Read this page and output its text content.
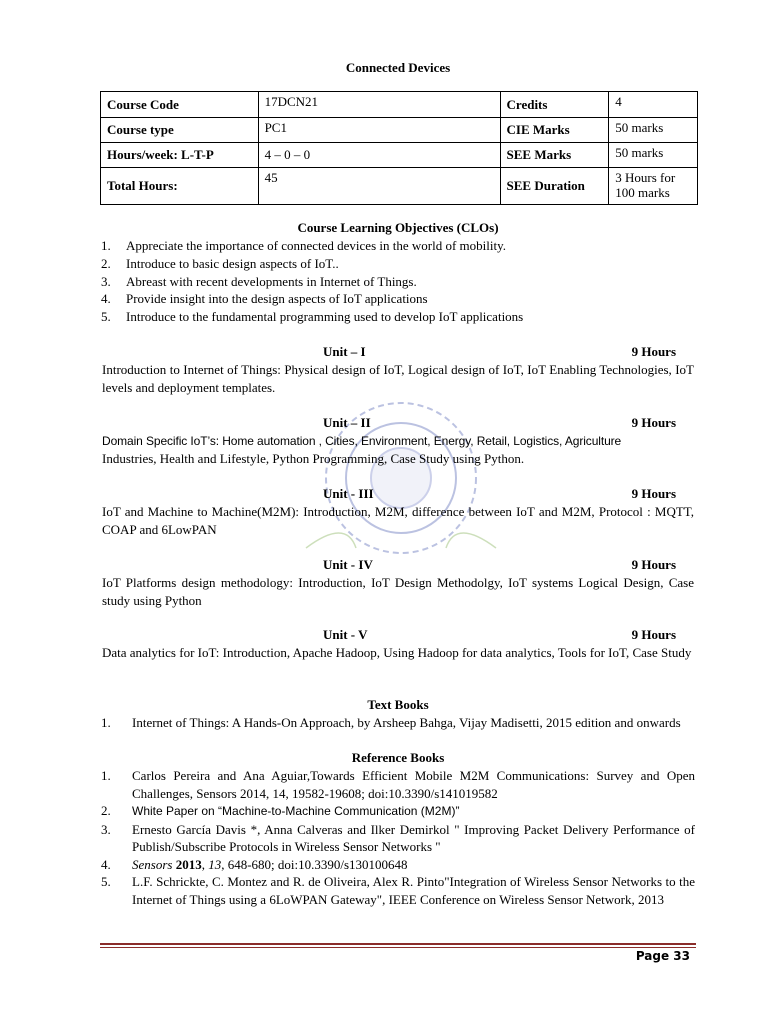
Connected Devices
Course Code	17DCN21	Credits	4
Course type	PC1	CIE Marks	50 marks
Hours/week: L-T-P	4 – 0 – 0	SEE Marks	50 marks
Total Hours:	45	SEE Duration	3 Hours for 100 marks
Course Learning Objectives (CLOs)
1. Appreciate the importance of connected devices in the world of mobility.
2. Introduce to basic design aspects of IoT..
3. Abreast with recent developments in Internet of Things.
4. Provide insight into the design aspects of IoT applications
5. Introduce to the fundamental programming used to develop IoT applications
Unit – I	9 Hours
Introduction to Internet of Things: Physical design of IoT, Logical design of IoT, IoT Enabling Technologies, IoT levels and deployment templates.
Unit – II	9 Hours
Domain Specific IoT’s: Home automation , Cities, Environment, Energy, Retail, Logistics, Agriculture
Industries, Health and Lifestyle, Python Programming, Case Study using Python.
Unit - III	9 Hours
IoT and Machine to Machine(M2M): Introduction, M2M, difference between IoT and M2M, Protocol : MQTT, COAP and 6LowPAN
Unit - IV	9 Hours
IoT Platforms design methodology: Introduction, IoT Design Methodolgy, IoT systems Logical Design, Case study using Python
Unit - V	9 Hours
Data analytics for IoT: Introduction, Apache Hadoop, Using Hadoop for data analytics, Tools for IoT, Case Study
Text Books
1. Internet of Things: A Hands-On Approach, by Arsheep Bahga, Vijay Madisetti, 2015 edition and onwards
Reference Books
1. Carlos Pereira and Ana Aguiar,Towards Efficient Mobile M2M Communications: Survey and Open Challenges, Sensors 2014, 14, 19582-19608; doi:10.3390/s141019582
2. White Paper on “Machine-to-Machine Communication (M2M)”
3. Ernesto García Davis *, Anna Calveras and Ilker Demirkol " Improving Packet Delivery Performance of Publish/Subscribe Protocols in Wireless Sensor Networks "
4. Sensors 2013, 13, 648-680; doi:10.3390/s130100648
5. L.F. Schrickte, C. Montez and R. de Oliveira, Alex R. Pinto"Integration of Wireless Sensor Networks to the Internet of Things using a 6LoWPAN Gateway", IEEE Conference on Wireless Sensor Network, 2013
Page 33
